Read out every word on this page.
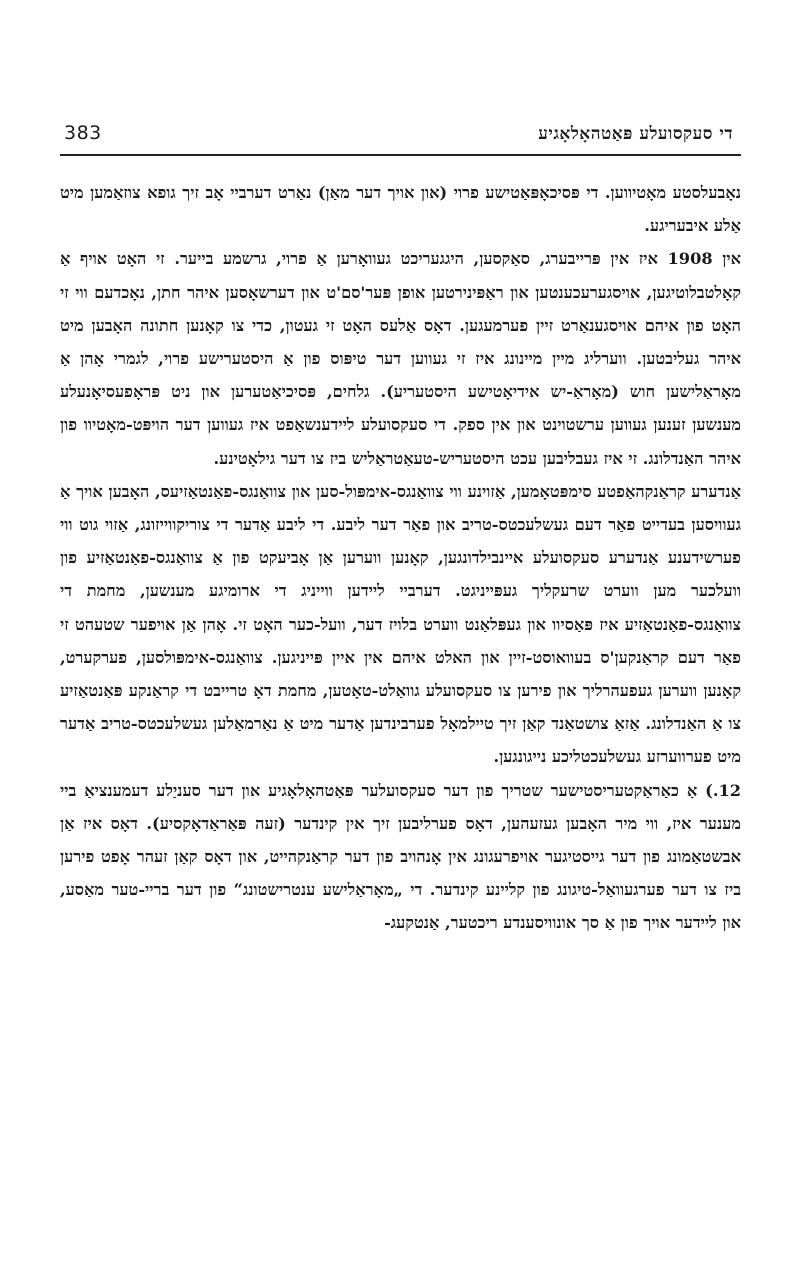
די סעקסועלע פּאַטהאָלאָגיע
383

נאָבעלסטע מאָטיווען. די פּסיכאָפּאַטישע פרוי (און אויך דער מאַן) נאַרט דערביי אָב זיך גופא צוזאַמען מיט אַלע איבעריגע.

אין 1908 איז אין פּרייבערג, סאַקסען, היגגעריכט געוואָרען אַ פרוי, גרשמע בייער. זי האָט אויף אַ קאָלטבלוטיגען, אויסגערעכענטען און ראַפּינירטען אופן פּער'סם'ט און דערשאָסען איהר חתן, נאָכדעם ווי זי האָט פון איהם אויסגענאַרט זיין פערמעגען. דאָס אַלעס האָט זי געטון, כדי צו קאָנען חתונה האָבען מיט איהר געליבטען. ווערליג מיין מיינונג איז זי געווען דער טיפּוס פון אַ היסטערישע פרוי, לגמרי אָהן אַ מאָראַלישען חוש (מאָראַ-יש אידיאָטישע היסטעריע). גלחים, פּסיכיאַטערען און ניט פּראָפעסיאָנעלע מענשען זענען געווען ערשטוינט און אין ספק. די סעקסועלע ליידענשאַפט איז געווען דער הויפּט-מאָטיוו פון איהר האַנדלונג. זי איז געבליבען עכט היסטעריש-טעאַטראַליש ביז צו דער גילאָטינע.

אַנדערע קראַנקהאַפטע סימפּטאָמען, אַזוינע ווי צוואַנגס-אימפּול-סען און צוואַנגס-פאַנטאַזיעס, האָבען אויך אַ געוויסען בעדייט פאַר דעם געשלעכטס-טריב און פאַר דער ליבע. די ליבע אַדער די צוריקווייזונג, אַזוי גוט ווי פערשידענע אַנדערע סעקסועלע איינבילדונגען, קאָנען ווערען אַן אָביעקט פון אַ צוואַנגס-פאַנטאַזיע פון וועלכער מען ווערט שרעקליך געפּייניגט. דערביי ליידען ווייניג די ארומיגע מענשען, מחמת די צוואַנגס-פאַנטאַזיע איז פּאַסיוו און געפּלאַנט ווערט בלויז דער, וועל-כער האָט זי. אָהן אַן אויפער שטעהט זי פאַר דעם קראַנקען'ס בעוואוסט-זיין און הא‍לט איהם אין איין פּייניגען. צוואַנגס-אימפּולסען, פערקערט, קאָנען ווערען געפעהרליך און פירען צו סעקסועלע גוואַלט-טאָטען, מחמת דאָ טרייבט די קראַנקע פּאַנטאַזיע צו אַ האַנדלונג. אַזאַ צושטאַנד קאַן זיך טיילמאָל פערבינדען אַדער מיט אַ נאַרמאַלען געשלעכטס-טריב אַדער מיט פערווערזע געשלעכטליכע נייגונגען.

12.) אַ כאַראַקטעריסטישער שטריך פון דער סעקסועלער פּאַטהאָלאָגיע און דער סעניַלע דעמענציאַ ביי מענער איז, ווי מיר האָבען געזעהען, דאָס פערליבען זיך אין קינדער (זעה פּאַראַדאָקסיע). דאָס איז אַן אבשטאַמונג פון דער גייסטיגער אויפרעגונג אין אָנהויב פון דער קראַנקהייט, און דאָס קאַן זעהר אָפט פירען ביז צו דער פערגעוואַל-טיגונג פון קליינע קינדער. די „מאָראַלישע ענטרישטונג“ פון דער בריי-טער מאַסע, און ליידער אויך פון אַ סך אונוויסענדע ריכטער, אַנטקעג-
